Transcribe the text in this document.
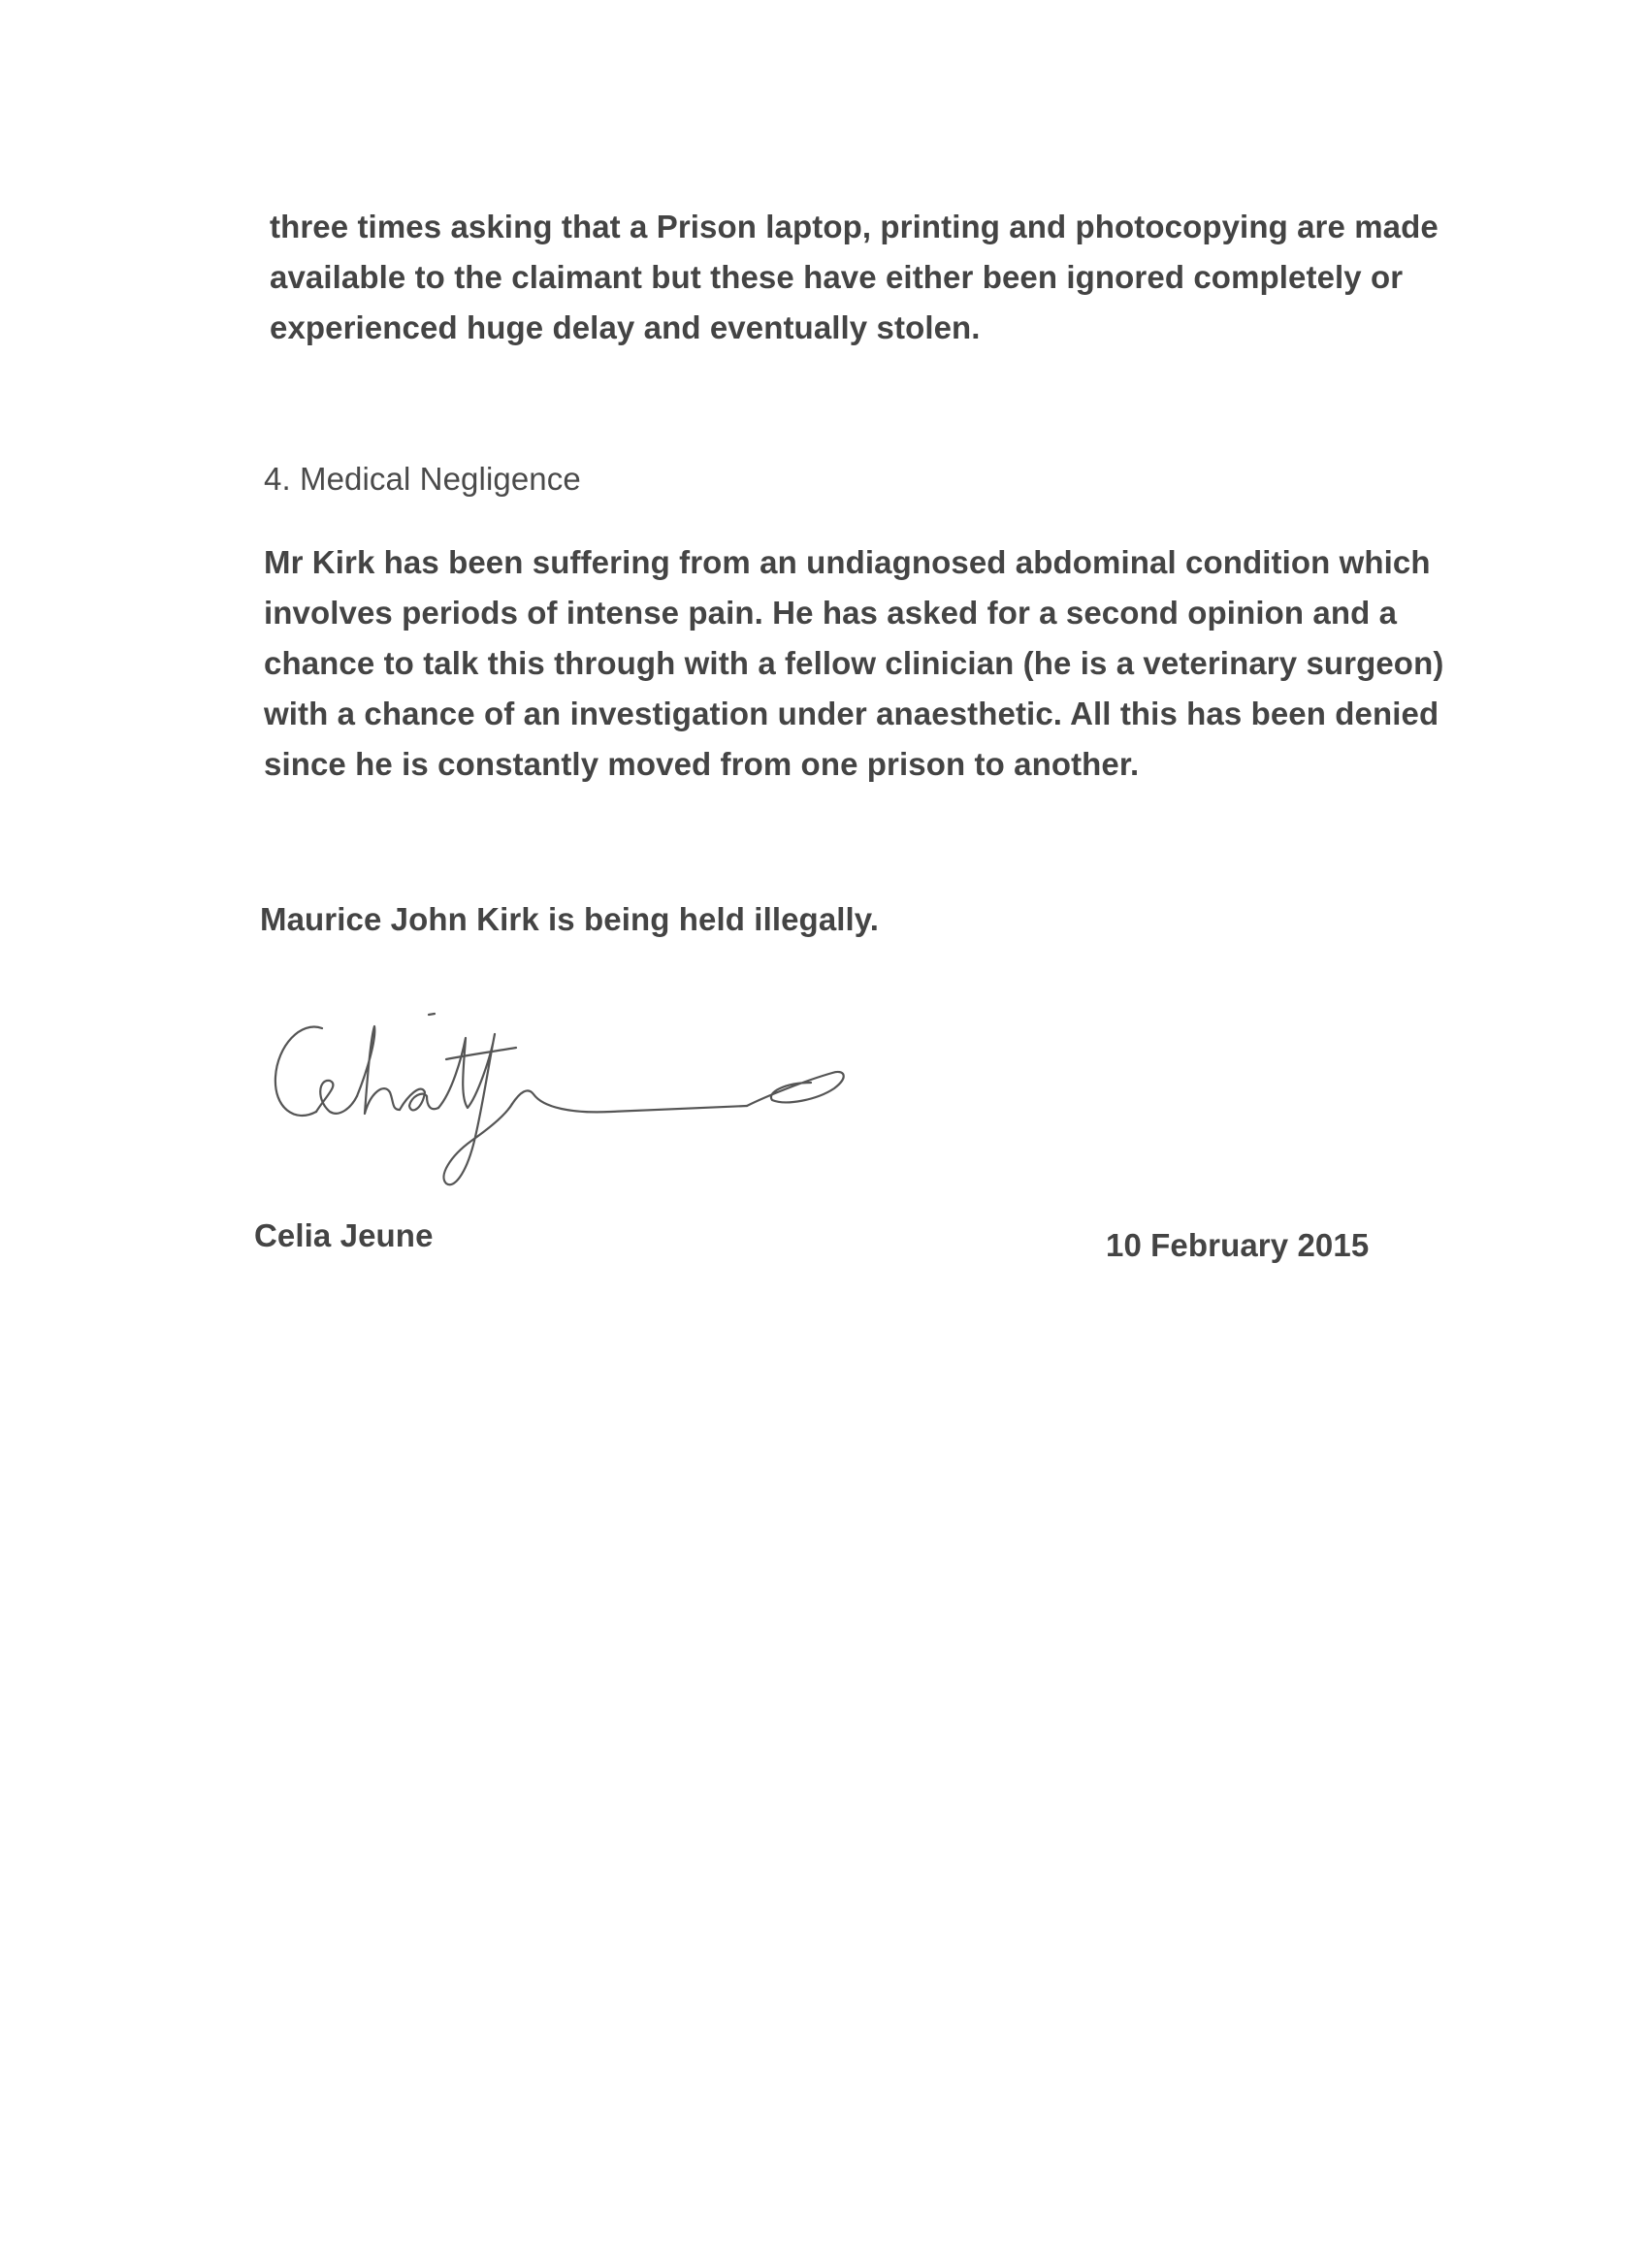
three times asking that a Prison laptop, printing and photocopying are made
available to the claimant but these have either been ignored completely or
experienced huge delay and eventually stolen.
4. Medical Negligence
Mr Kirk has been suffering from an undiagnosed abdominal condition which
involves periods of intense pain. He has asked for a second opinion and a
chance to talk this through with a fellow clinician (he is a veterinary surgeon)
with a chance of an investigation under anaesthetic. All this has been denied
since he is constantly moved from one prison to another.
Maurice John Kirk is being held illegally.
Celia Jeune	10 February 2015
